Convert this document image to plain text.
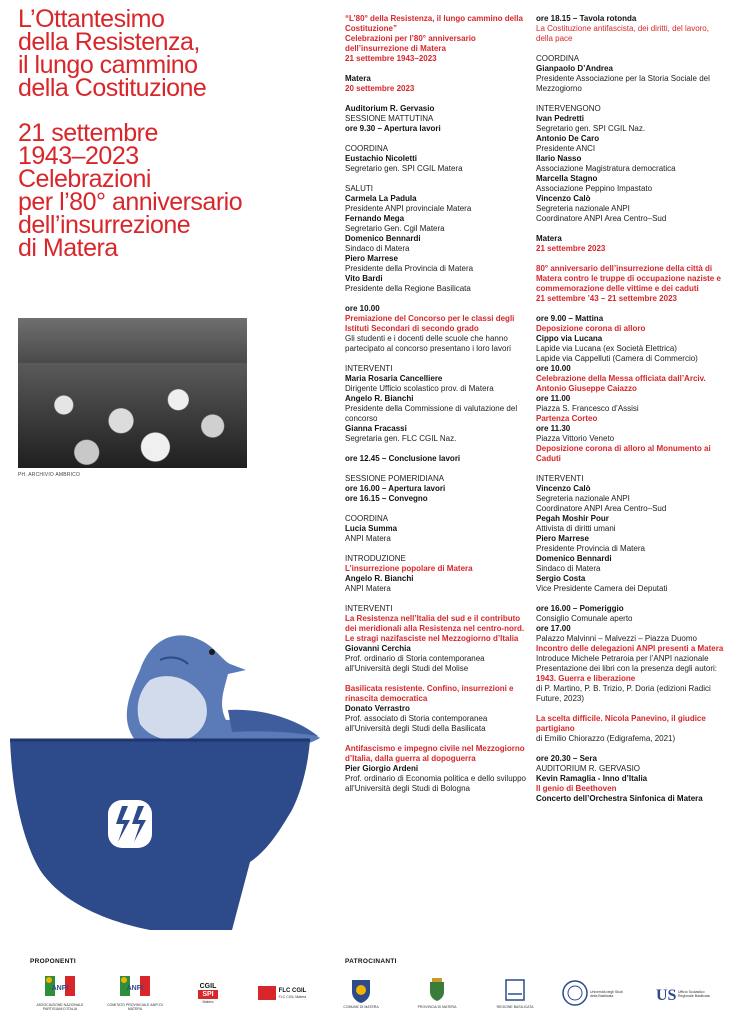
L’Ottantesimo
della Resistenza,
il lungo cammino
della Costituzione
21 settembre
1943–2023
Celebrazioni
per l’80° anniversario
dell’insurrezione
di Matera
PH. ARCHIVIO AMBRICO

“L’80° della Resistenza, il lungo cammino della Costituzione”

Celebrazioni per l’80° anniversario dell’insurrezione di Matera

21 settembre 1943–2023

Matera

20 settembre 2023

Auditorium R. Gervasio

SESSIONE MATTUTINA

ore 9.30 – Apertura lavori

COORDINA

Eustachio Nicoletti

Segretario gen. SPI CGIL Matera

SALUTI

Carmela La Padula

Presidente ANPI provinciale Matera

Fernando Mega

Segretario Gen. Cgil Matera

Domenico Bennardi

Sindaco di Matera

Piero Marrese

Presidente della Provincia di Matera

Vito Bardi

Presidente della Regione Basilicata

ore 10.00

Premiazione del Concorso per le classi degli Istituti Secondari di secondo grado

Gli studenti e i docenti delle scuole che hanno partecipato al concorso presentano i loro lavori

INTERVENTI

Maria Rosaria Cancelliere

Dirigente Ufficio scolastico prov. di Matera

Angelo R. Bianchi

Presidente della Commissione di valutazione del concorso

Gianna Fracassi

Segretaria gen. FLC CGIL Naz.

ore 12.45 – Conclusione lavori

SESSIONE POMERIDIANA

ore 16.00 – Apertura lavori

ore 16.15 – Convegno

COORDINA

Lucia Summa

ANPI Matera

INTRODUZIONE

L’insurrezione popolare di Matera

Angelo R. Bianchi

ANPI Matera

INTERVENTI

La Resistenza nell’Italia del sud e il contributo dei meridionali alla Resistenza nel centro-nord. Le stragi nazifasciste nel Mezzogiorno d’Italia

Giovanni Cerchia

Prof. ordinario di Storia contemporanea all’Università degli Studi del Molise

Basilicata resistente. Confino, insurrezioni e rinascita democratica

Donato Verrastro

Prof. associato di Storia contemporanea all’Università degli Studi della Basilicata

Antifascismo e impegno civile nel Mezzogiorno d’Italia, dalla guerra al dopoguerra

Pier Giorgio Ardeni

Prof. ordinario di Economia politica e dello sviluppo all’Università degli Studi di Bologna

ore 18.15 – Tavola rotonda

La Costituzione antifascista, dei diritti, del lavoro, della pace

COORDINA

Gianpaolo D’Andrea

Presidente Associazione per la Storia Sociale del Mezzogiorno

INTERVENGONO

Ivan Pedretti

Segretario gen. SPI CGIL Naz.

Antonio De Caro

Presidente ANCI

Ilario Nasso

Associazione Magistratura democratica

Marcella Stagno

Associazione Peppino Impastato

Vincenzo Calò

Segreteria nazionale ANPI

Coordinatore ANPI Area Centro–Sud

Matera

21 settembre 2023

80° anniversario dell’insurrezione della città di Matera contro le truppe di occupazione naziste e commemorazione delle vittime e dei caduti

21 settembre ’43 – 21 settembre 2023

ore 9.00 – Mattina

Deposizione corona di alloro

Cippo via Lucana

Lapide via Lucana (ex Società Elettrica)

Lapide via Cappelluti (Camera di Commercio)

ore 10.00

Celebrazione della Messa officiata dall’Arciv. Antonio Giuseppe Caiazzo

ore 11.00

Piazza S. Francesco d’Assisi

Partenza Corteo

ore 11.30

Piazza Vittorio Veneto

Deposizione corona di alloro al Monumento ai Caduti

INTERVENTI

Vincenzo Calò

Segreteria nazionale ANPI

Coordinatore ANPI Area Centro–Sud

Pegah Moshir Pour

Attivista di diritti umani

Piero Marrese

Presidente Provincia di Matera

Domenico Bennardi

Sindaco di Matera

Sergio Costa

Vice Presidente Camera dei Deputati

ore 16.00 – Pomeriggio

Consiglio Comunale aperto

ore 17.00

Palazzo Malvinni – Malvezzi – Piazza Duomo

Incontro delle delegazioni ANPI presenti a Matera

Introduce Michele Petraroia per l’ANPI nazionale

Presentazione dei libri con la presenza degli autori:

1943. Guerra e liberazione

di P. Martino, P. B. Trizio, P. Doria (edizioni Radici Future, 2023)

La scelta difficile. Nicola Panevino, il giudice partigiano

di Emilio Chiorazzo (Edigrafema, 2021)

ore 20.30 – Sera

AUDITORIUM R. GERVASIO

Kevin Ramaglia - Inno d’Italia

Il genio di Beethoven

Concerto dell’Orchestra Sinfonica di Matera

PROPONENTI	PATROCINANTI
ANPI
ASSOCIAZIONE NAZIONALE PARTIGIANI D'ITALIA
ANPI
COMITATO PROVINCIALE ANPI DI MATERA
CGIL
SPI
Matera
FLC CGIL
FLC CGIL Matera
COMUNE DI MATERA	PROVINCIA DI MATERA	REGIONE BASILICATA
Università degli Studi della Basilicata	US Ufficio Scolastico Regionale Basilicata
